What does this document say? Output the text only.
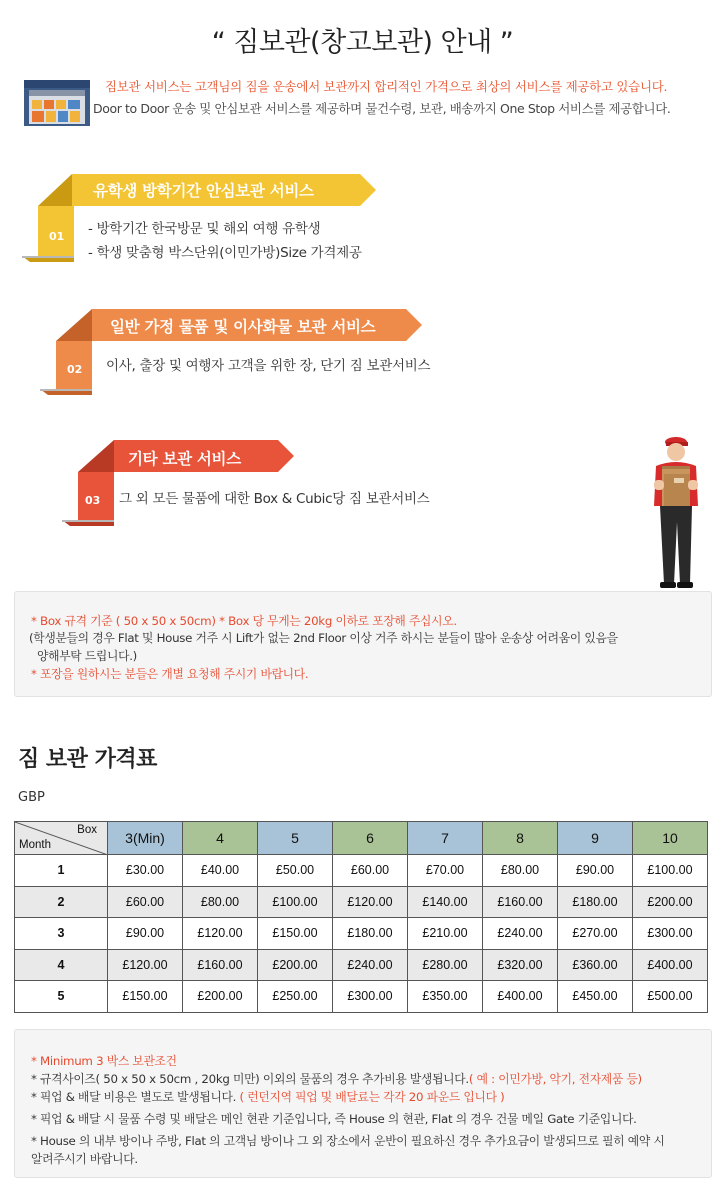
“ 짐보관(창고보관) 안내 ”
짐보관 서비스는 고객님의 짐을 운송에서 보관까지 합리적인 가격으로 최상의 서비스를 제공하고 있습니다.
Door to Door 운송 및 안심보관 서비스를 제공하며 물건수령, 보관, 배송까지 One Stop 서비스를 제공합니다.
유학생 방학기간 안심보관 서비스
01 - 방학기간 한국방문 및 해외 여행 유학생
- 학생 맞춤형 박스단위(이민가방)Size 가격제공
일반 가정 물품 및 이사화물 보관 서비스
02 이사, 출장 및 여행자 고객을 위한 장, 단기 짐 보관서비스
기타 보관 서비스
03 그 외 모든 물품에 대한 Box & Cubic당 짐 보관서비스
* Box 규격 기준 ( 50 x 50 x 50cm) * Box 당 무게는 20kg 이하로 포장해 주십시오.
(학생분들의 경우 Flat 및 House 거주 시 Lift가 없는 2nd Floor 이상 거주 하시는 분들이 많아 운송상 어려움이 있음을
양해부탁 드립니다.)
* 포장을 원하시는 분들은 개별 요청해 주시기 바랍니다.
짐 보관 가격표
GBP
Box
Month	3(Min)	4	5	6	7	8	9	10
1	£30.00	£40.00	£50.00	£60.00	£70.00	£80.00	£90.00	£100.00
2	£60.00	£80.00	£100.00	£120.00	£140.00	£160.00	£180.00	£200.00
3	£90.00	£120.00	£150.00	£180.00	£210.00	£240.00	£270.00	£300.00
4	£120.00	£160.00	£200.00	£240.00	£280.00	£320.00	£360.00	£400.00
5	£150.00	£200.00	£250.00	£300.00	£350.00	£400.00	£450.00	£500.00
* Minimum 3 박스 보관조건
* 규격사이즈( 50 x 50 x 50cm , 20kg 미만) 이외의 물품의 경우 추가비용 발생됩니다.( 예 : 이민가방, 악기, 전자제품 등)
* 픽업 & 배달 비용은 별도로 발생됩니다. ( 런던지역 픽업 및 배달료는 각각 20 파운드 입니다 )
* 픽업 & 배달 시 물품 수령 및 배달은 메인 현관 기준입니다, 즉 House 의 현관, Flat 의 경우 건물 메일 Gate 기준입니다.
* House 의 내부 방이나 주방, Flat 의 고객님 방이나 그 외 장소에서 운반이 필요하신 경우 추가요금이 발생되므로 필히 예약 시
알려주시기 바랍니다.
